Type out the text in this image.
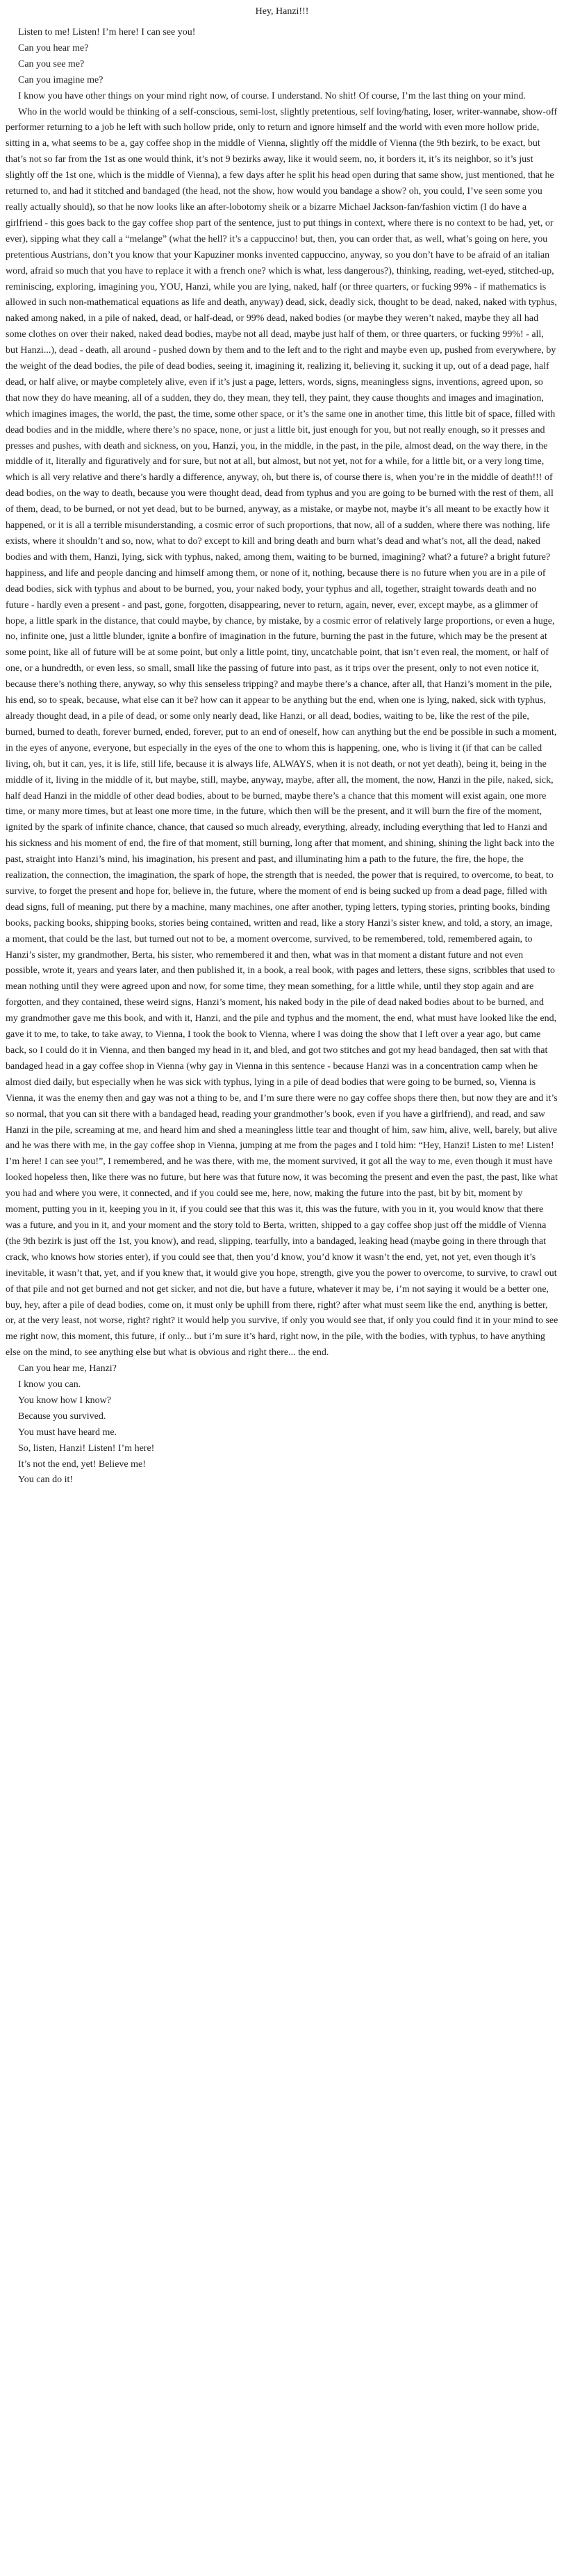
Hey, Hanzi!!!

Listen to me! Listen! I’m here! I can see you!

Can you hear me?

Can you see me?

Can you imagine me?

I know you have other things on your mind right now, of course. I understand. No shit! Of course, I’m the last thing on your mind.

Who in the world would be thinking of a self-conscious, semi-lost, slightly pretentious, self loving/hating, loser, writer-wannabe, show-off performer returning to a job he left with such hollow pride, only to return and ignore himself and the world with even more hollow pride, sitting in a, what seems to be a, gay coffee shop in the middle of Vienna, slightly off the middle of Vienna (the 9th bezirk, to be exact, but that’s not so far from the 1st as one would think, it’s not 9 bezirks away, like it would seem, no, it borders it, it’s its neighbor, so it’s just slightly off the 1st one, which is the middle of Vienna), a few days after he split his head open during that same show, just mentioned, that he returned to, and had it stitched and bandaged (the head, not the show, how would you bandage a show? oh, you could, I’ve seen some you really actually should), so that he now looks like an after-lobotomy sheik or a bizarre Michael Jackson-fan/fashion victim (I do have a girlfriend - this goes back to the gay coffee shop part of the sentence, just to put things in context, where there is no context to be had, yet, or ever), sipping what they call a “melange” (what the hell? it’s a cappuccino! but, then, you can order that, as well, what’s going on here, you pretentious Austrians, don’t you know that your Kapuziner monks invented cappuccino, anyway, so you don’t have to be afraid of an italian word, afraid so much that you have to replace it with a french one? which is what, less dangerous?), thinking, reading, wet-eyed, stitched-up, reminiscing, exploring, imagining you, YOU, Hanzi, while you are lying, naked, half (or three quarters, or fucking 99% - if mathematics is allowed in such non-mathematical equations as life and death, anyway) dead, sick, deadly sick, thought to be dead, naked, naked with typhus, naked among naked, in a pile of naked, dead, or half-dead, or 99% dead, naked bodies (or maybe they weren’t naked, maybe they all had some clothes on over their naked, naked dead bodies, maybe not all dead, maybe just half of them, or three quarters, or fucking 99%! - all, but Hanzi...), dead - death, all around - pushed down by them and to the left and to the right and maybe even up, pushed from everywhere, by the weight of the dead bodies, the pile of dead bodies, seeing it, imagining it, realizing it, believing it, sucking it up, out of a dead page, half dead, or half alive, or maybe completely alive, even if it’s just a page, letters, words, signs, meaningless signs, inventions, agreed upon, so that now they do have meaning, all of a sudden, they do, they mean, they tell, they paint, they cause thoughts and images and imagination, which imagines images, the world, the past, the time, some other space, or it’s the same one in another time, this little bit of space, filled with dead bodies and in the middle, where there’s no space, none, or just a little bit, just enough for you, but not really enough, so it presses and presses and pushes, with death and sickness, on you, Hanzi, you, in the middle, in the past, in the pile, almost dead, on the way there, in the middle of it, literally and figuratively and for sure, but not at all, but almost, but not yet, not for a while, for a little bit, or a very long time, which is all very relative and there’s hardly a difference, anyway, oh, but there is, of course there is, when you’re in the middle of death!!! of dead bodies, on the way to death, because you were thought dead, dead from typhus and you are going to be burned with the rest of them, all of them, dead, to be burned, or not yet dead, but to be burned, anyway, as a mistake, or maybe not, maybe it’s all meant to be exactly how it happened, or it is all a terrible misunderstanding, a cosmic error of such proportions, that now, all of a sudden, where there was nothing, life exists, where it shouldn’t and so, now, what to do? except to kill and bring death and burn what’s dead and what’s not, all the dead, naked bodies and with them, Hanzi, lying, sick with typhus, naked, among them, waiting to be burned, imagining? what? a future? a bright future? happiness, and life and people dancing and himself among them, or none of it, nothing, because there is no future when you are in a pile of dead bodies, sick with typhus and about to be burned, you, your naked body, your typhus and all, together, straight towards death and no future - hardly even a present - and past, gone, forgotten, disappearing, never to return, again, never, ever, except maybe, as a glimmer of hope, a little spark in the distance, that could maybe, by chance, by mistake, by a cosmic error of relatively large proportions, or even a huge, no, infinite one, just a little blunder, ignite a bonfire of imagination in the future, burning the past in the future, which may be the present at some point, like all of future will be at some point, but only a little point, tiny, uncatchable point, that isn’t even real, the moment, or half of one, or a hundredth, or even less, so small, small like the passing of future into past, as it trips over the present, only to not even notice it, because there’s nothing there, anyway, so why this senseless tripping? and maybe there’s a chance, after all, that Hanzi’s moment in the pile, his end, so to speak, because, what else can it be? how can it appear to be anything but the end, when one is lying, naked, sick with typhus, already thought dead, in a pile of dead, or some only nearly dead, like Hanzi, or all dead, bodies, waiting to be, like the rest of the pile, burned, burned to death, forever burned, ended, forever, put to an end of oneself, how can anything but the end be possible in such a moment, in the eyes of anyone, everyone, but especially in the eyes of the one to whom this is happening, one, who is living it (if that can be called living, oh, but it can, yes, it is life, still life, because it is always life, ALWAYS, when it is not death, or not yet death), being it, being in the middle of it, living in the middle of it, but maybe, still, maybe, anyway, maybe, after all, the moment, the now, Hanzi in the pile, naked, sick, half dead Hanzi in the middle of other dead bodies, about to be burned, maybe there’s a chance that this moment will exist again, one more time, or many more times, but at least one more time, in the future, which then will be the present, and it will burn the fire of the moment, ignited by the spark of infinite chance, chance, that caused so much already, everything, already, including everything that led to Hanzi and his sickness and his moment of end, the fire of that moment, still burning, long after that moment, and shining, shining the light back into the past, straight into Hanzi’s mind, his imagination, his present and past, and illuminating him a path to the future, the fire, the hope, the realization, the connection, the imagination, the spark of hope, the strength that is needed, the power that is required, to overcome, to beat, to survive, to forget the present and hope for, believe in, the future, where the moment of end is being sucked up from a dead page, filled with dead signs, full of meaning, put there by a machine, many machines, one after another, typing letters, typing stories, printing books, binding books, packing books, shipping books, stories being contained, written and read, like a story Hanzi’s sister knew, and told, a story, an image, a moment, that could be the last, but turned out not to be, a moment overcome, survived, to be remembered, told, remembered again, to Hanzi’s sister, my grandmother, Berta, his sister, who remembered it and then, what was in that moment a distant future and not even possible, wrote it, years and years later, and then published it, in a book, a real book, with pages and letters, these signs, scribbles that used to mean nothing until they were agreed upon and now, for some time, they mean something, for a little while, until they stop again and are forgotten, and they contained, these weird signs, Hanzi’s moment, his naked body in the pile of dead naked bodies about to be burned, and my grandmother gave me this book, and with it, Hanzi, and the pile and typhus and the moment, the end, what must have looked like the end, gave it to me, to take, to take away, to Vienna, I took the book to Vienna, where I was doing the show that I left over a year ago, but came back, so I could do it in Vienna, and then banged my head in it, and bled, and got two stitches and got my head bandaged, then sat with that bandaged head in a gay coffee shop in Vienna (why gay in Vienna in this sentence - because Hanzi was in a concentration camp when he almost died daily, but especially when he was sick with typhus, lying in a pile of dead bodies that were going to be burned, so, Vienna is Vienna, it was the enemy then and gay was not a thing to be, and I’m sure there were no gay coffee shops there then, but now they are and it’s so normal, that you can sit there with a bandaged head, reading your grandmother’s book, even if you have a girlfriend), and read, and saw Hanzi in the pile, screaming at me, and heard him and shed a meaningless little tear and thought of him, saw him, alive, well, barely, but alive and he was there with me, in the gay coffee shop in Vienna, jumping at me from the pages and I told him: “Hey, Hanzi! Listen to me! Listen! I’m here! I can see you!”, I remembered, and he was there, with me, the moment survived, it got all the way to me, even though it must have looked hopeless then, like there was no future, but here was that future now, it was becoming the present and even the past, the past, like what you had and where you were, it connected, and if you could see me, here, now, making the future into the past, bit by bit, moment by moment, putting you in it, keeping you in it, if you could see that this was it, this was the future, with you in it, you would know that there was a future, and you in it, and your moment and the story told to Berta, written, shipped to a gay coffee shop just off the middle of Vienna (the 9th bezirk is just off the 1st, you know), and read, slipping, tearfully, into a bandaged, leaking head (maybe going in there through that crack, who knows how stories enter), if you could see that, then you’d know, you’d know it wasn’t the end, yet, not yet, even though it’s inevitable, it wasn’t that, yet, and if you knew that, it would give you hope, strength, give you the power to overcome, to survive, to crawl out of that pile and not get burned and not get sicker, and not die, but have a future, whatever it may be, i’m not saying it would be a better one, buy, hey, after a pile of dead bodies, come on, it must only be uphill from there, right? after what must seem like the end, anything is better, or, at the very least, not worse, right? right? it would help you survive, if only you would see that, if only you could find it in your mind to see me right now, this moment, this future, if only... but i’m sure it’s hard, right now, in the pile, with the bodies, with typhus, to have anything else on the mind, to see anything else but what is obvious and right there... the end.

Can you hear me, Hanzi?

I know you can.

You know how I know?

Because you survived.

You must have heard me.

So, listen, Hanzi! Listen! I’m here!

It’s not the end, yet! Believe me!

You can do it!
